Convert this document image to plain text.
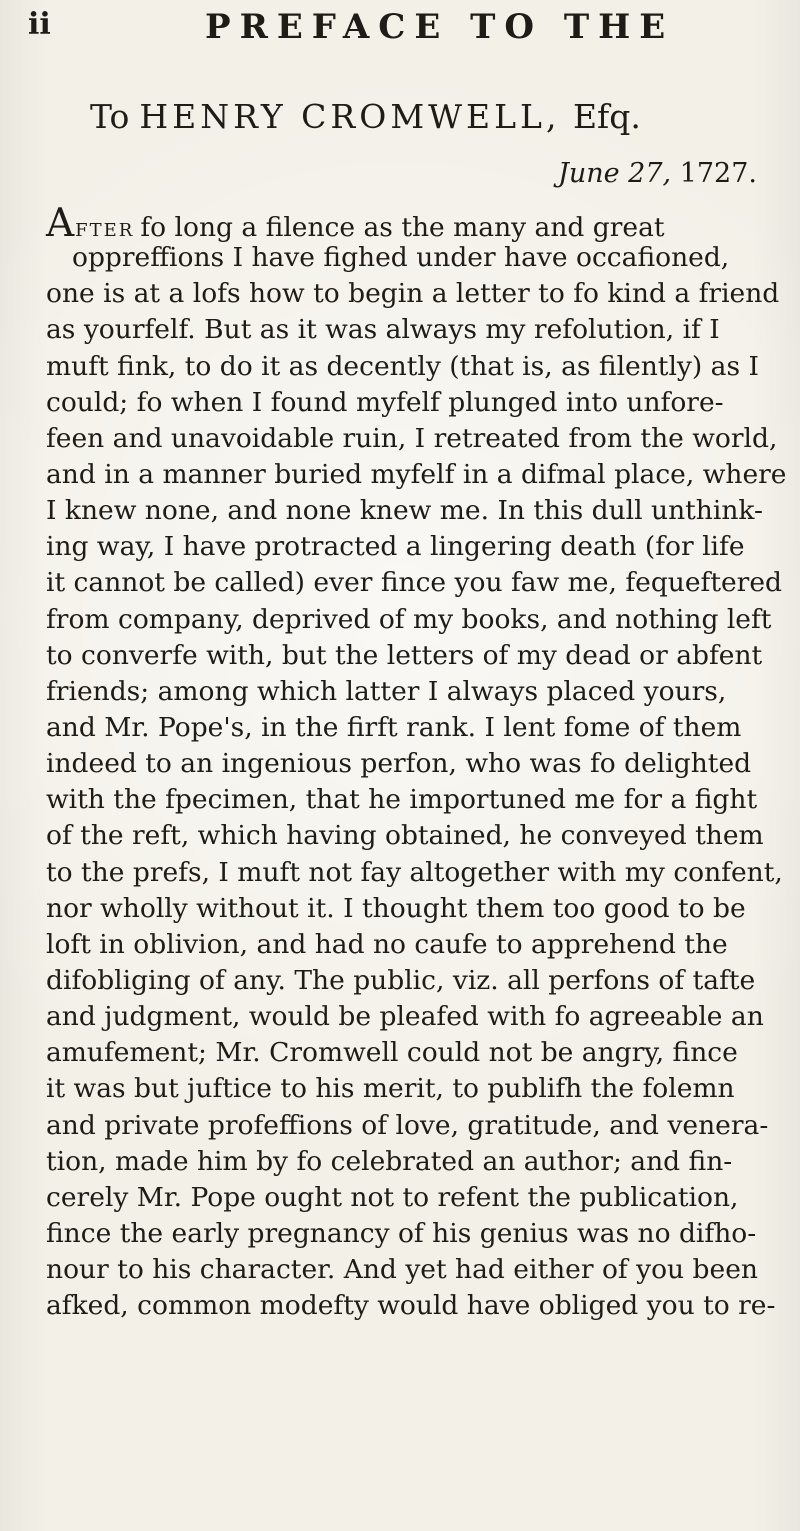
ii	PREFACE TO THE
To HENRY CROMWELL, Efq.
June 27, 1727.
AFTER fo long a filence as the many and great
oppreffions I have fighed under have occafioned,
one is at a lofs how to begin a letter to fo kind a friend
as yourfelf. But as it was always my refolution, if I
muft fink, to do it as decently (that is, as filently) as I
could; fo when I found myfelf plunged into unfore-
feen and unavoidable ruin, I retreated from the world,
and in a manner buried myfelf in a difmal place, where
I knew none, and none knew me. In this dull unthink-
ing way, I have protracted a lingering death (for life
it cannot be called) ever fince you faw me, fequeftered
from company, deprived of my books, and nothing left
to converfe with, but the letters of my dead or abfent
friends; among which latter I always placed yours,
and Mr. Pope's, in the firft rank. I lent fome of them
indeed to an ingenious perfon, who was fo delighted
with the fpecimen, that he importuned me for a fight
of the reft, which having obtained, he conveyed them
to the prefs, I muft not fay altogether with my confent,
nor wholly without it. I thought them too good to be
loft in oblivion, and had no caufe to apprehend the
difobliging of any. The public, viz. all perfons of tafte
and judgment, would be pleafed with fo agreeable an
amufement; Mr. Cromwell could not be angry, fince
it was but juftice to his merit, to publifh the folemn
and private profeffions of love, gratitude, and venera-
tion, made him by fo celebrated an author; and fin-
cerely Mr. Pope ought not to refent the publication,
fince the early pregnancy of his genius was no difho-
nour to his character. And yet had either of you been
afked, common modefty would have obliged you to re-
